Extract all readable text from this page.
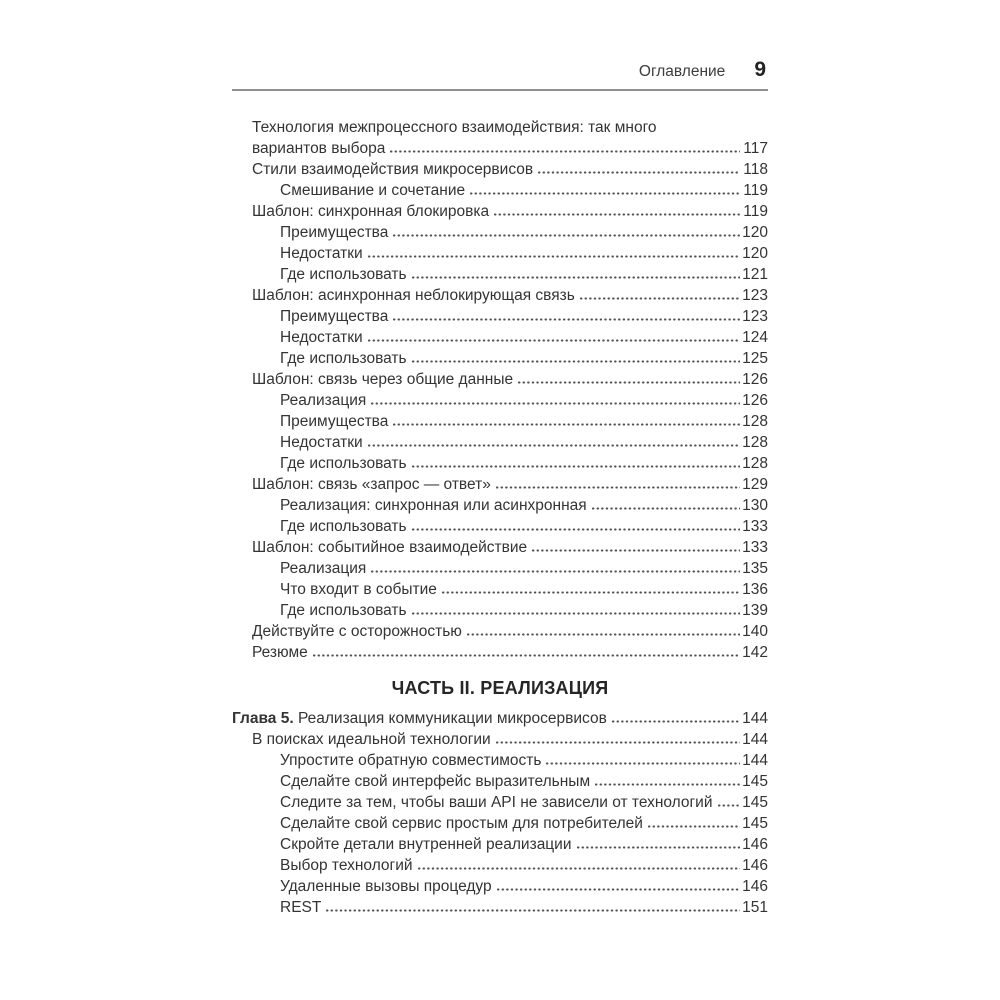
Оглавление 9
Технология межпроцессного взаимодействия: так много
вариантов выбора	117
Стили взаимодействия микросервисов	118
Смешивание и сочетание	119
Шаблон: синхронная блокировка	119
Преимущества	120
Недостатки	120
Где использовать	121
Шаблон: асинхронная неблокирующая связь	123
Преимущества	123
Недостатки	124
Где использовать	125
Шаблон: связь через общие данные	126
Реализация	126
Преимущества	128
Недостатки	128
Где использовать	128
Шаблон: связь «запрос — ответ»	129
Реализация: синхронная или асинхронная	130
Где использовать	133
Шаблон: событийное взаимодействие	133
Реализация	135
Что входит в событие	136
Где использовать	139
Действуйте с осторожностью	140
Резюме	142
ЧАСТЬ II. РЕАЛИЗАЦИЯ
Глава 5. Реализация коммуникации микросервисов	144
В поисках идеальной технологии	144
Упростите обратную совместимость	144
Сделайте свой интерфейс выразительным	145
Следите за тем, чтобы ваши API не зависели от технологий 145
Сделайте свой сервис простым для потребителей	145
Скройте детали внутренней реализации	146
Выбор технологий	146
Удаленные вызовы процедур	146
REST	151
